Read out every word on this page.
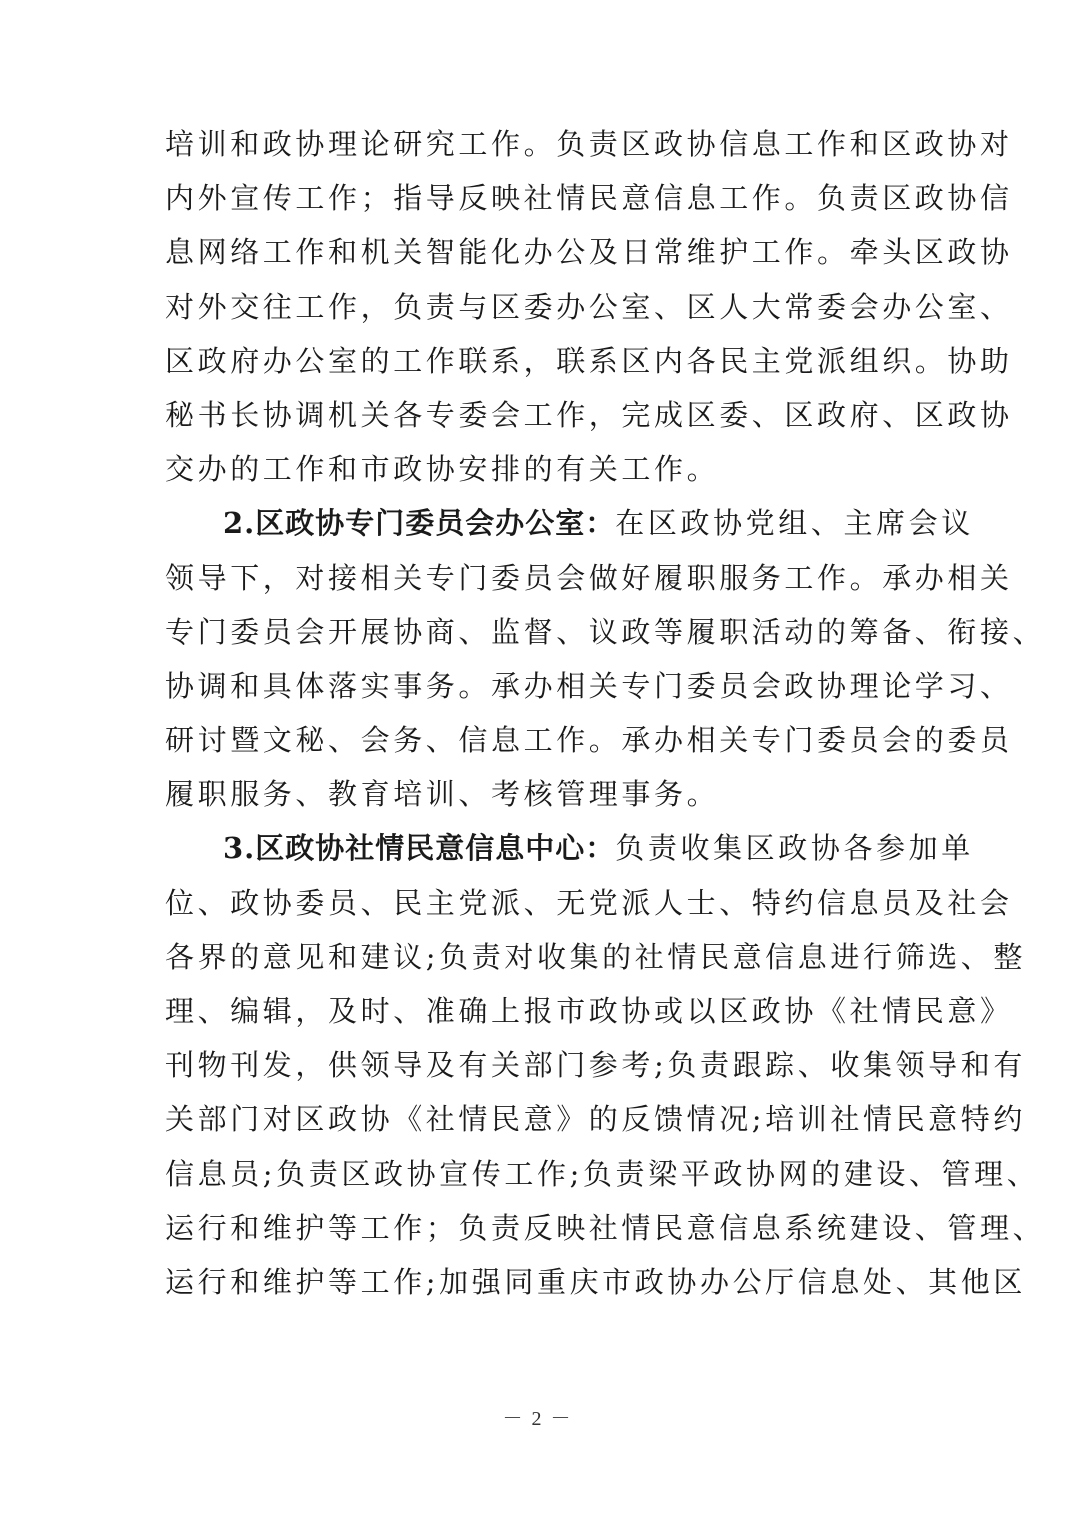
培训和政协理论研究工作。负责区政协信息工作和区政协对
内外宣传工作；指导反映社情民意信息工作。负责区政协信
息网络工作和机关智能化办公及日常维护工作。牵头区政协
对外交往工作，负责与区委办公室、区人大常委会办公室、
区政府办公室的工作联系，联系区内各民主党派组织。协助
秘书长协调机关各专委会工作，完成区委、区政府、区政协
交办的工作和市政协安排的有关工作。
2.区政协专门委员会办公室：在区政协党组、主席会议
领导下，对接相关专门委员会做好履职服务工作。承办相关
专门委员会开展协商、监督、议政等履职活动的筹备、衔接、
协调和具体落实事务。承办相关专门委员会政协理论学习、
研讨暨文秘、会务、信息工作。承办相关专门委员会的委员
履职服务、教育培训、考核管理事务。
3.区政协社情民意信息中心：负责收集区政协各参加单
位、政协委员、民主党派、无党派人士、特约信息员及社会
各界的意见和建议;负责对收集的社情民意信息进行筛选、整
理、编辑，及时、准确上报市政协或以区政协《社情民意》
刊物刊发，供领导及有关部门参考;负责跟踪、收集领导和有
关部门对区政协《社情民意》的反馈情况;培训社情民意特约
信息员;负责区政协宣传工作;负责梁平政协网的建设、管理、
运行和维护等工作；负责反映社情民意信息系统建设、管理、
运行和维护等工作;加强同重庆市政协办公厅信息处、其他区
－ 2 －
